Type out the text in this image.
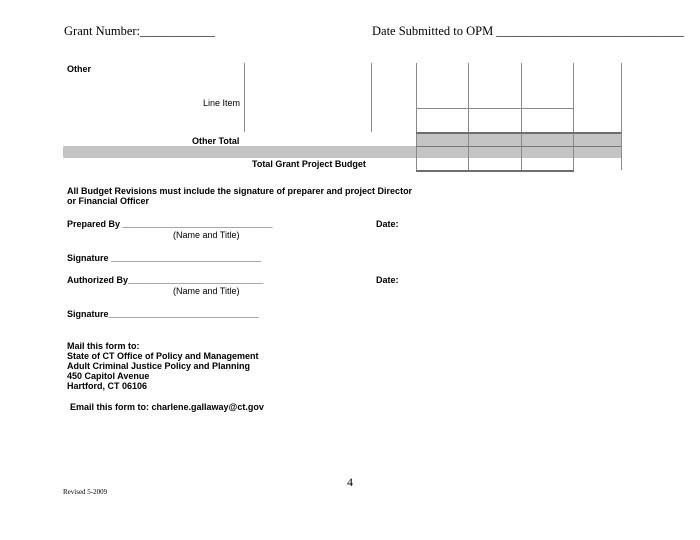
Grant Number:____________	Date Submitted to OPM ______________________________
Other
Line Item
Other Total
Total Grant Project Budget
All Budget Revisions must include the signature of preparer and project Director
or Financial Officer
Prepared By ______________________________
(Name and Title)
Date:
Signature ______________________________
Authorized By___________________________
(Name and Title)
Date:
Signature______________________________
Mail this form to:
State of CT Office of Policy and Management
Adult Criminal Justice Policy and Planning
450 Capitol Avenue
Hartford, CT 06106
Email this form to: charlene.gallaway@ct.gov
4
Revised 5-2009
